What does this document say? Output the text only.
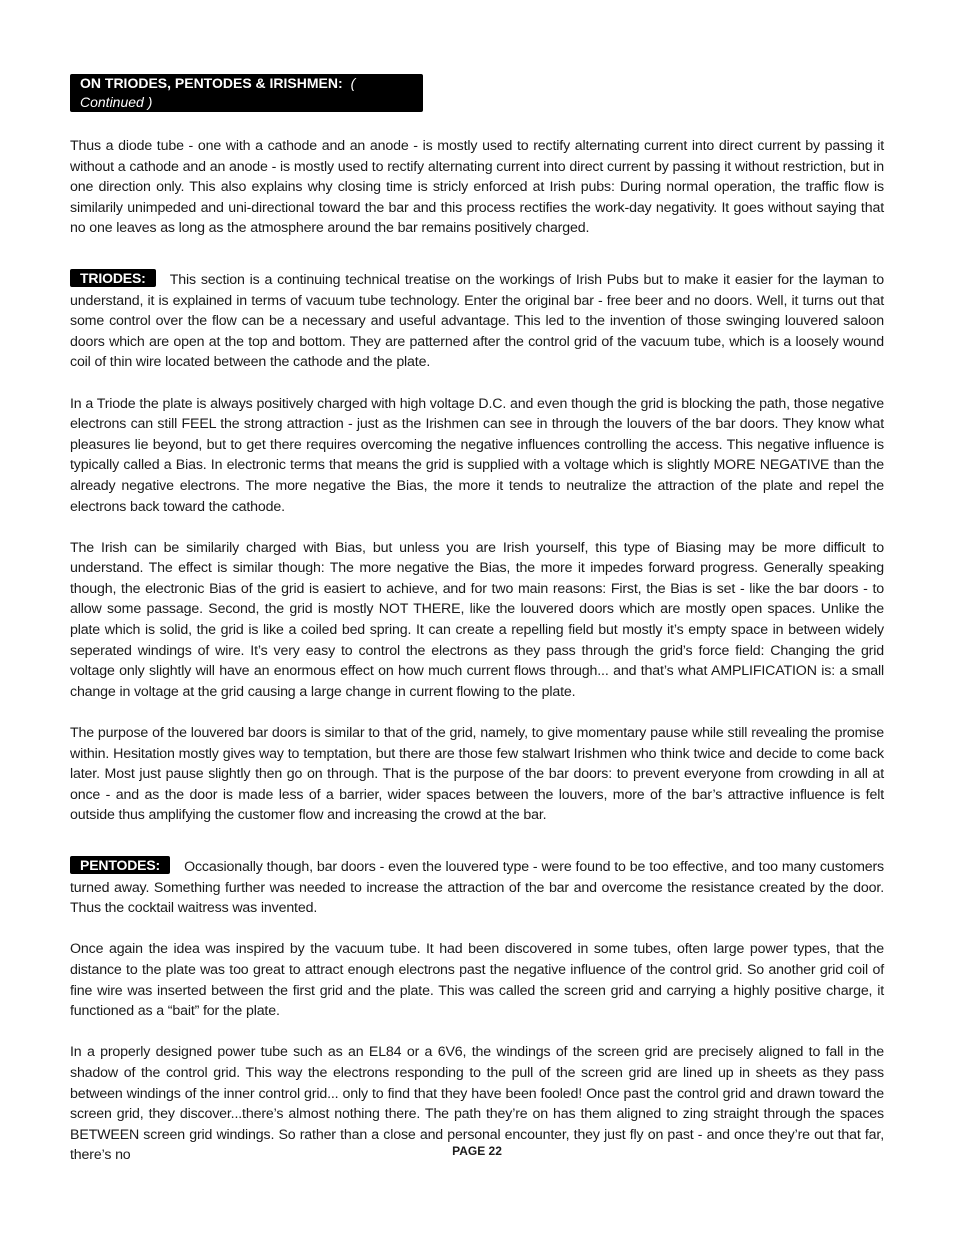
ON TRIODES, PENTODES & IRISHMEN: ( Continued )

Thus a diode tube - one with a cathode and an anode - is mostly used to rectify alternating current into direct current by passing it without a cathode and an anode - is mostly used to rectify alternating current into direct current by passing it without restriction, but in one direction only. This also explains why closing time is stricly enforced at Irish pubs: During normal operation, the traffic flow is similarily unimpeded and uni-directional toward the bar and this process rectifies the work-day negativity. It goes without saying that no one leaves as long as the atmosphere around the bar remains positively charged.

TRIODES: This section is a continuing technical treatise on the workings of Irish Pubs but to make it easier for the layman to understand, it is explained in terms of vacuum tube technology. Enter the original bar - free beer and no doors. Well, it turns out that some control over the flow can be a necessary and useful advantage. This led to the invention of those swinging louvered saloon doors which are open at the top and bottom. They are patterned after the control grid of the vacuum tube, which is a loosely wound coil of thin wire located between the cathode and the plate.

In a Triode the plate is always positively charged with high voltage D.C. and even though the grid is blocking the path, those negative electrons can still FEEL the strong attraction - just as the Irishmen can see in through the louvers of the bar doors. They know what pleasures lie beyond, but to get there requires overcoming the negative influences controlling the access. This negative influence is typically called a Bias. In electronic terms that means the grid is supplied with a voltage which is slightly MORE NEGATIVE than the already negative electrons. The more negative the Bias, the more it tends to neutralize the attraction of the plate and repel the electrons back toward the cathode.

The Irish can be similarily charged with Bias, but unless you are Irish yourself, this type of Biasing may be more difficult to understand. The effect is similar though: The more negative the Bias, the more it impedes forward progress. Generally speaking though, the electronic Bias of the grid is easiert to achieve, and for two main reasons: First, the Bias is set - like the bar doors - to allow some passage. Second, the grid is mostly NOT THERE, like the louvered doors which are mostly open spaces. Unlike the plate which is solid, the grid is like a coiled bed spring. It can create a repelling field but mostly it’s empty space in between widely seperated windings of wire. It’s very easy to control the electrons as they pass through the grid’s force field: Changing the grid voltage only slightly will have an enormous effect on how much current flows through... and that’s what AMPLIFICATION is: a small change in voltage at the grid causing a large change in current flowing to the plate.

The purpose of the louvered bar doors is similar to that of the grid, namely, to give momentary pause while still revealing the promise within. Hesitation mostly gives way to temptation, but there are those few stalwart Irishmen who think twice and decide to come back later. Most just pause slightly then go on through. That is the purpose of the bar doors: to prevent everyone from crowding in all at once - and as the door is made less of a barrier, wider spaces between the louvers, more of the bar’s attractive influence is felt outside thus amplifying the customer flow and increasing the crowd at the bar.

PENTODES: Occasionally though, bar doors - even the louvered type - were found to be too effective, and too many customers turned away. Something further was needed to increase the attraction of the bar and overcome the resistance created by the door. Thus the cocktail waitress was invented.

Once again the idea was inspired by the vacuum tube. It had been discovered in some tubes, often large power types, that the distance to the plate was too great to attract enough electrons past the negative influence of the control grid. So another grid coil of fine wire was inserted between the first grid and the plate. This was called the screen grid and carrying a highly positive charge, it functioned as a “bait” for the plate.

In a properly designed power tube such as an EL84 or a 6V6, the windings of the screen grid are precisely aligned to fall in the shadow of the control grid. This way the electrons responding to the pull of the screen grid are lined up in sheets as they pass between windings of the inner control grid... only to find that they have been fooled! Once past the control grid and drawn toward the screen grid, they discover...there’s almost nothing there. The path they’re on has them aligned to zing straight through the spaces BETWEEN screen grid windings. So rather than a close and personal encounter, they just fly on past - and once they’re out that far, there’s no	PAGE 22
